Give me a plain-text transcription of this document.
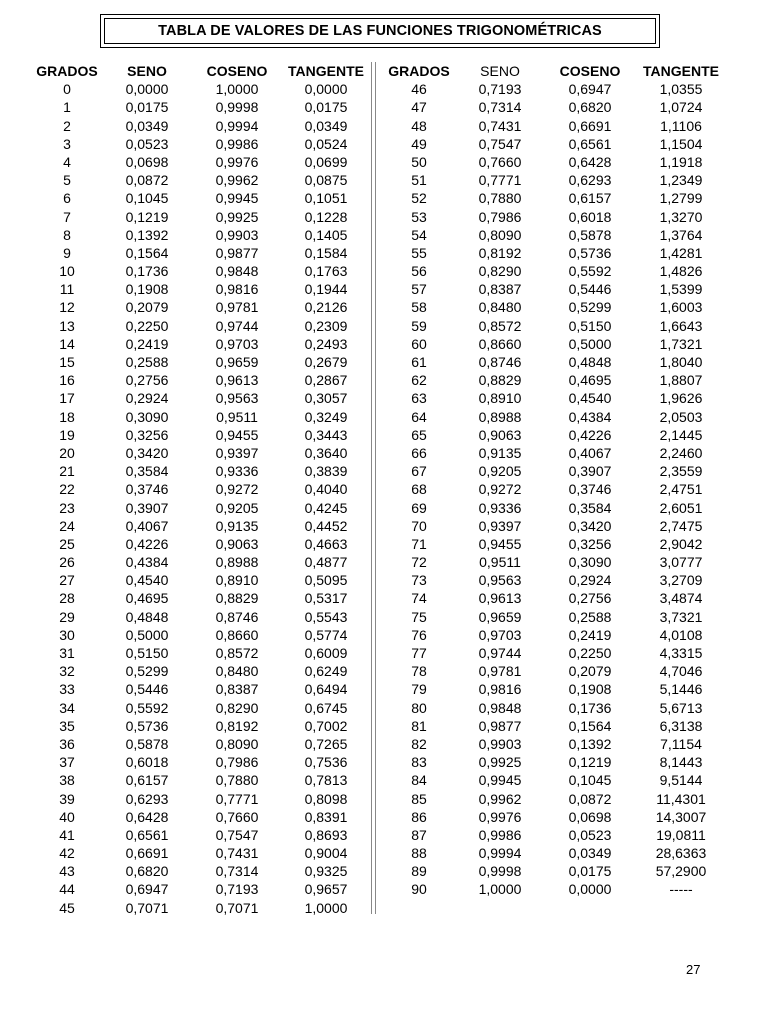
TABLA DE VALORES DE LAS FUNCIONES TRIGONOMÉTRICAS
GRADOS	SENO	COSENO	TANGENTE
0	0,0000	1,0000	0,0000
1	0,0175	0,9998	0,0175
2	0,0349	0,9994	0,0349
3	0,0523	0,9986	0,0524
4	0,0698	0,9976	0,0699
5	0,0872	0,9962	0,0875
6	0,1045	0,9945	0,1051
7	0,1219	0,9925	0,1228
8	0,1392	0,9903	0,1405
9	0,1564	0,9877	0,1584
10	0,1736	0,9848	0,1763
11	0,1908	0,9816	0,1944
12	0,2079	0,9781	0,2126
13	0,2250	0,9744	0,2309
14	0,2419	0,9703	0,2493
15	0,2588	0,9659	0,2679
16	0,2756	0,9613	0,2867
17	0,2924	0,9563	0,3057
18	0,3090	0,9511	0,3249
19	0,3256	0,9455	0,3443
20	0,3420	0,9397	0,3640
21	0,3584	0,9336	0,3839
22	0,3746	0,9272	0,4040
23	0,3907	0,9205	0,4245
24	0,4067	0,9135	0,4452
25	0,4226	0,9063	0,4663
26	0,4384	0,8988	0,4877
27	0,4540	0,8910	0,5095
28	0,4695	0,8829	0,5317
29	0,4848	0,8746	0,5543
30	0,5000	0,8660	0,5774
31	0,5150	0,8572	0,6009
32	0,5299	0,8480	0,6249
33	0,5446	0,8387	0,6494
34	0,5592	0,8290	0,6745
35	0,5736	0,8192	0,7002
36	0,5878	0,8090	0,7265
37	0,6018	0,7986	0,7536
38	0,6157	0,7880	0,7813
39	0,6293	0,7771	0,8098
40	0,6428	0,7660	0,8391
41	0,6561	0,7547	0,8693
42	0,6691	0,7431	0,9004
43	0,6820	0,7314	0,9325
44	0,6947	0,7193	0,9657
45	0,7071	0,7071	1,0000
GRADOS	SENO	COSENO	TANGENTE
46	0,7193	0,6947	1,0355
47	0,7314	0,6820	1,0724
48	0,7431	0,6691	1,1106
49	0,7547	0,6561	1,1504
50	0,7660	0,6428	1,1918
51	0,7771	0,6293	1,2349
52	0,7880	0,6157	1,2799
53	0,7986	0,6018	1,3270
54	0,8090	0,5878	1,3764
55	0,8192	0,5736	1,4281
56	0,8290	0,5592	1,4826
57	0,8387	0,5446	1,5399
58	0,8480	0,5299	1,6003
59	0,8572	0,5150	1,6643
60	0,8660	0,5000	1,7321
61	0,8746	0,4848	1,8040
62	0,8829	0,4695	1,8807
63	0,8910	0,4540	1,9626
64	0,8988	0,4384	2,0503
65	0,9063	0,4226	2,1445
66	0,9135	0,4067	2,2460
67	0,9205	0,3907	2,3559
68	0,9272	0,3746	2,4751
69	0,9336	0,3584	2,6051
70	0,9397	0,3420	2,7475
71	0,9455	0,3256	2,9042
72	0,9511	0,3090	3,0777
73	0,9563	0,2924	3,2709
74	0,9613	0,2756	3,4874
75	0,9659	0,2588	3,7321
76	0,9703	0,2419	4,0108
77	0,9744	0,2250	4,3315
78	0,9781	0,2079	4,7046
79	0,9816	0,1908	5,1446
80	0,9848	0,1736	5,6713
81	0,9877	0,1564	6,3138
82	0,9903	0,1392	7,1154
83	0,9925	0,1219	8,1443
84	0,9945	0,1045	9,5144
85	0,9962	0,0872	11,4301
86	0,9976	0,0698	14,3007
87	0,9986	0,0523	19,0811
88	0,9994	0,0349	28,6363
89	0,9998	0,0175	57,2900
90	1,0000	0,0000	-----
27
